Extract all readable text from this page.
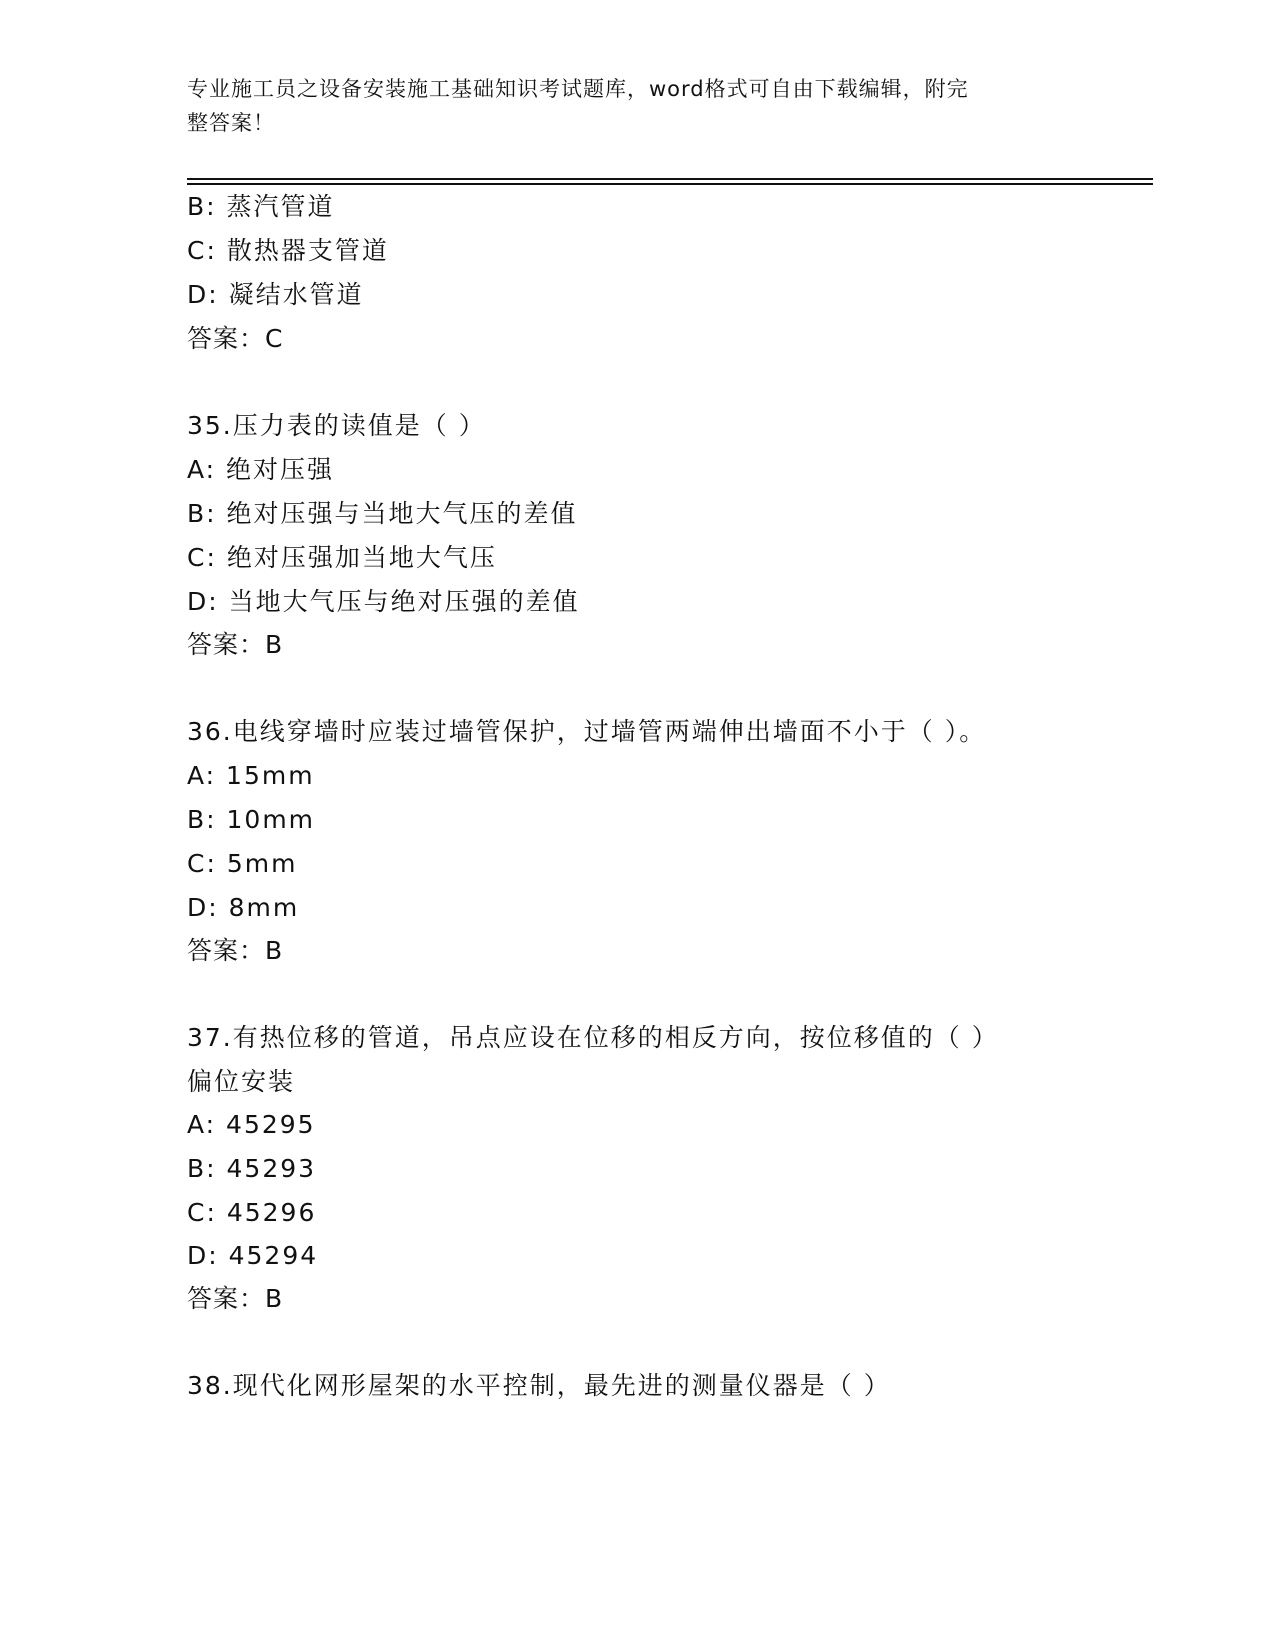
专业施工员之设备安装施工基础知识考试题库，word格式可自由下载编辑，附完
整答案！
B: 蒸汽管道
C: 散热器支管道
D: 凝结水管道
答案：C
35.压力表的读值是（ ）
A: 绝对压强
B: 绝对压强与当地大气压的差值
C: 绝对压强加当地大气压
D: 当地大气压与绝对压强的差值
答案：B
36.电线穿墙时应装过墙管保护，过墙管两端伸出墙面不小于（ ）。
A: 15mm
B: 10mm
C: 5mm
D: 8mm
答案：B
37.有热位移的管道，吊点应设在位移的相反方向，按位移值的（ ）
偏位安装
A: 45295
B: 45293
C: 45296
D: 45294
答案：B
38.现代化网形屋架的水平控制，最先进的测量仪器是（ ）
